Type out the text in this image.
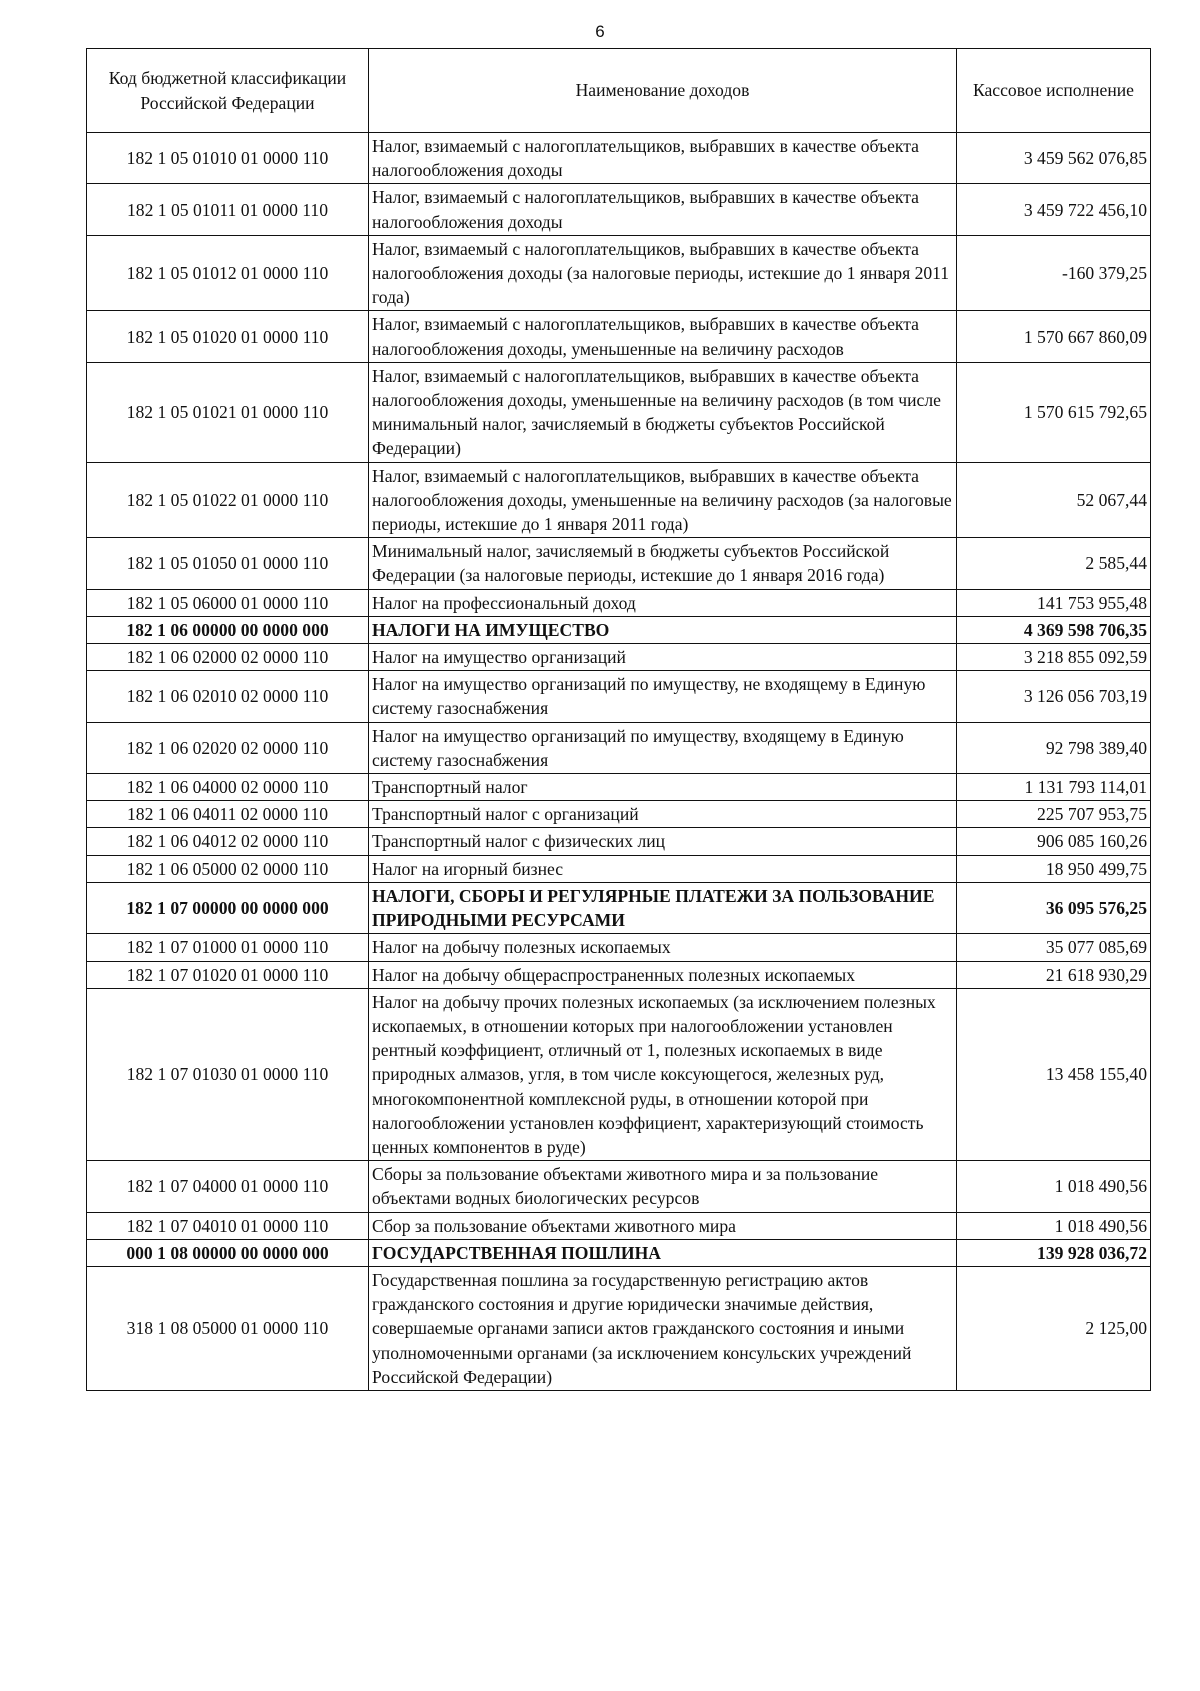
6
Код бюджетной классификации Российской Федерации	Наименование доходов	Кассовое исполнение
182 1 05 01010 01 0000 110	Налог, взимаемый с налогоплательщиков, выбравших в качестве объекта налогообложения доходы	3 459 562 076,85
182 1 05 01011 01 0000 110	Налог, взимаемый с налогоплательщиков, выбравших в качестве объекта налогообложения доходы	3 459 722 456,10
182 1 05 01012 01 0000 110	Налог, взимаемый с налогоплательщиков, выбравших в качестве объекта налогообложения доходы (за налоговые периоды, истекшие до 1 января 2011 года)	-160 379,25
182 1 05 01020 01 0000 110	Налог, взимаемый с налогоплательщиков, выбравших в качестве объекта налогообложения доходы, уменьшенные на величину расходов	1 570 667 860,09
182 1 05 01021 01 0000 110	Налог, взимаемый с налогоплательщиков, выбравших в качестве объекта налогообложения доходы, уменьшенные на величину расходов (в том числе минимальный налог, зачисляемый в бюджеты субъектов Российской Федерации)	1 570 615 792,65
182 1 05 01022 01 0000 110	Налог, взимаемый с налогоплательщиков, выбравших в качестве объекта налогообложения доходы, уменьшенные на величину расходов (за налоговые периоды, истекшие до 1 января 2011 года)	52 067,44
182 1 05 01050 01 0000 110	Минимальный налог, зачисляемый в бюджеты субъектов Российской Федерации (за налоговые периоды, истекшие до 1 января 2016 года)	2 585,44
182 1 05 06000 01 0000 110	Налог на профессиональный доход	141 753 955,48
182 1 06 00000 00 0000 000	НАЛОГИ НА ИМУЩЕСТВО	4 369 598 706,35
182 1 06 02000 02 0000 110	Налог на имущество организаций	3 218 855 092,59
182 1 06 02010 02 0000 110	Налог на имущество организаций по имуществу, не входящему в Единую систему газоснабжения	3 126 056 703,19
182 1 06 02020 02 0000 110	Налог на имущество организаций по имуществу, входящему в Единую систему газоснабжения	92 798 389,40
182 1 06 04000 02 0000 110	Транспортный налог	1 131 793 114,01
182 1 06 04011 02 0000 110	Транспортный налог с организаций	225 707 953,75
182 1 06 04012 02 0000 110	Транспортный налог с физических лиц	906 085 160,26
182 1 06 05000 02 0000 110	Налог на игорный бизнес	18 950 499,75
182 1 07 00000 00 0000 000	НАЛОГИ, СБОРЫ И РЕГУЛЯРНЫЕ ПЛАТЕЖИ ЗА ПОЛЬЗОВАНИЕ ПРИРОДНЫМИ РЕСУРСАМИ	36 095 576,25
182 1 07 01000 01 0000 110	Налог на добычу полезных ископаемых	35 077 085,69
182 1 07 01020 01 0000 110	Налог на добычу общераспространенных полезных ископаемых	21 618 930,29
182 1 07 01030 01 0000 110	Налог на добычу прочих полезных ископаемых (за исключением полезных ископаемых, в отношении которых при налогообложении установлен рентный коэффициент, отличный от 1, полезных ископаемых в виде природных алмазов, угля, в том числе коксующегося, железных руд, многокомпонентной комплексной руды, в отношении которой при налогообложении установлен коэффициент, характеризующий стоимость ценных компонентов в руде)	13 458 155,40
182 1 07 04000 01 0000 110	Сборы за пользование объектами животного мира и за пользование объектами водных биологических ресурсов	1 018 490,56
182 1 07 04010 01 0000 110	Сбор за пользование объектами животного мира	1 018 490,56
000 1 08 00000 00 0000 000	ГОСУДАРСТВЕННАЯ ПОШЛИНА	139 928 036,72
318 1 08 05000 01 0000 110	Государственная пошлина за государственную регистрацию актов гражданского состояния и другие юридически значимые действия, совершаемые органами записи актов гражданского состояния и иными уполномоченными органами (за исключением консульских учреждений Российской Федерации)	2 125,00
